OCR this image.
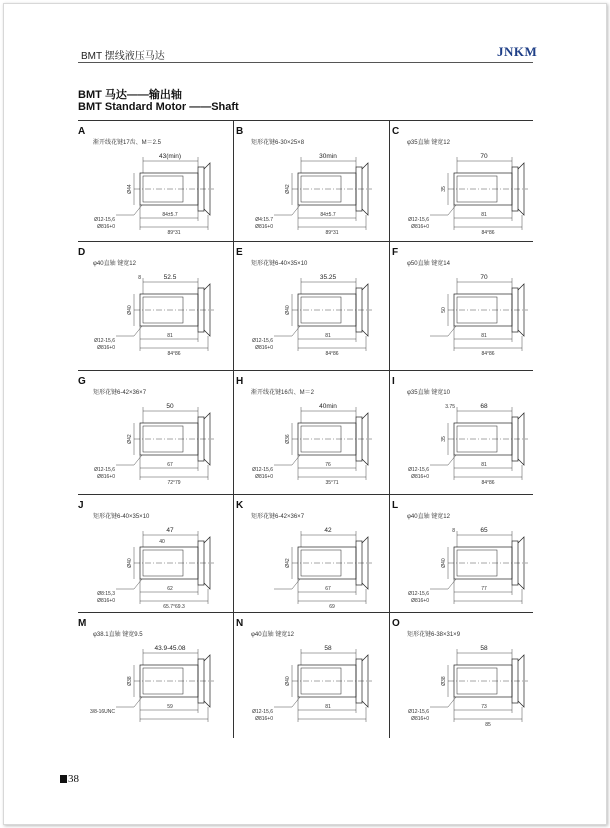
BMT 摆线液压马达	JNKM
BMT 马达——输出轴
BMT Standard Motor ——Shaft
A
渐开线花键17齿、M＝2.5
43(min)
84±5.7
89°31
Ø44
Ø12-15,6
Ø816+0
B
矩形花键6-30×25×8
30min
84±5.7
89°31
Ø42
Ø4:15.7
Ø816+0
C
φ35直轴 键宽12
70
81
84°86
35
Ø12-15,6
Ø816+0
D
φ40直轴 键宽12
52.5
8
81
84°86
Ø40
Ø12-15,6
Ø816+0
E
矩形花键6-40×35×10
35.25
81
84°86
Ø40
Ø12-15,6
Ø816+0
F
φ50直轴 键宽14
70
81
84°86
50
G
矩形花键6-42×36×7
50
67
72°79
Ø42
Ø12-15,6
Ø816+0
H
渐开线花键16齿、M＝2
40min
76
35°71
Ø36
Ø12-15,6
Ø816+0
I
φ35直轴 键宽10
68
3.75
81
84°86
35
Ø12-15,6
Ø816+0
J
矩形花键6-40×35×10
47
40
62
65.7°69.3
Ø40
Ø8:15,3
Ø816+0
K
矩形花键6-42×36×7
42
67
69
Ø42
L
φ40直轴 键宽12
65
8
77
Ø40
Ø12-15,6
Ø816+0
M
φ38.1直轴 键宽9.5
43.9-45.08
59
Ø38
3/8-16UNC
N
φ40直轴 键宽12
58
81
Ø40
Ø12-15,6
Ø816+0
O
矩形花键6-38×31×9
58
73
85
Ø38
Ø12-15,6
Ø816+0
38
